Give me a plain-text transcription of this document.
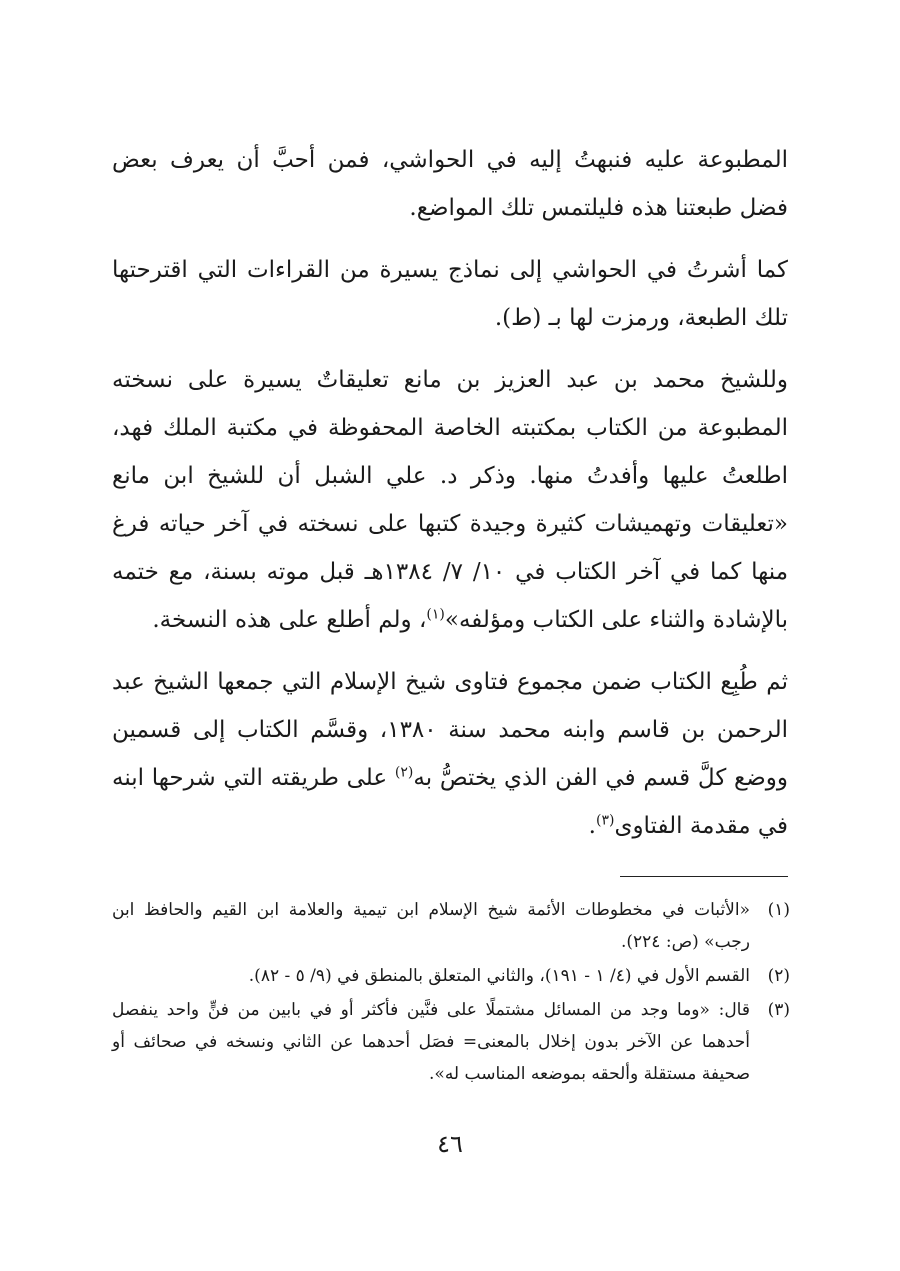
المطبوعة عليه فنبهتُ إليه في الحواشي، فمن أحبَّ أن يعرف بعض فضل طبعتنا هذه فليلتمس تلك المواضع.

كما أشرتُ في الحواشي إلى نماذج يسيرة من القراءات التي اقترحتها تلك الطبعة، ورمزت لها بـ (ط).

وللشيخ محمد بن عبد العزيز بن مانع تعليقاتٌ يسيرة على نسخته المطبوعة من الكتاب بمكتبته الخاصة المحفوظة في مكتبة الملك فهد، اطلعتُ عليها وأفدتُ منها. وذكر د. علي الشبل أن للشيخ ابن مانع «تعليقات وتهميشات كثيرة وجيدة كتبها على نسخته في آخر حياته فرغ منها كما في آخر الكتاب في ١٠/ ٧/ ١٣٨٤هـ قبل موته بسنة، مع ختمه بالإشادة والثناء على الكتاب ومؤلفه»$^{(١)}$، ولم أطلع على هذه النسخة.

ثم طُبِع الكتاب ضمن مجموع فتاوى شيخ الإسلام التي جمعها الشيخ عبد الرحمن بن قاسم وابنه محمد سنة ١٣٨٠، وقسَّم الكتاب إلى قسمين ووضع كلَّ قسم في الفن الذي يختصُّ به$^{(٢)}$ على طريقته التي شرحها ابنه في مقدمة الفتاوى$^{(٣)}$.

(١)
«الأثبات في مخطوطات الأئمة شيخ الإسلام ابن تيمية والعلامة ابن القيم والحافظ ابن رجب» (ص: ٢٢٤).
(٢)
القسم الأول في (٤/ ١ - ١٩١)، والثاني المتعلق بالمنطق في (٩/ ٥ - ٨٢).
(٣)
قال: «وما وجد من المسائل مشتملًا على فنَّين فأكثر أو في بابين من فنٍّ واحد ينفصل أحدهما عن الآخر بدون إخلال بالمعنى= فصَل أحدهما عن الثاني ونسخه في صحائف أو صحيفة مستقلة وألحقه بموضعه المناسب له».
٤٦
